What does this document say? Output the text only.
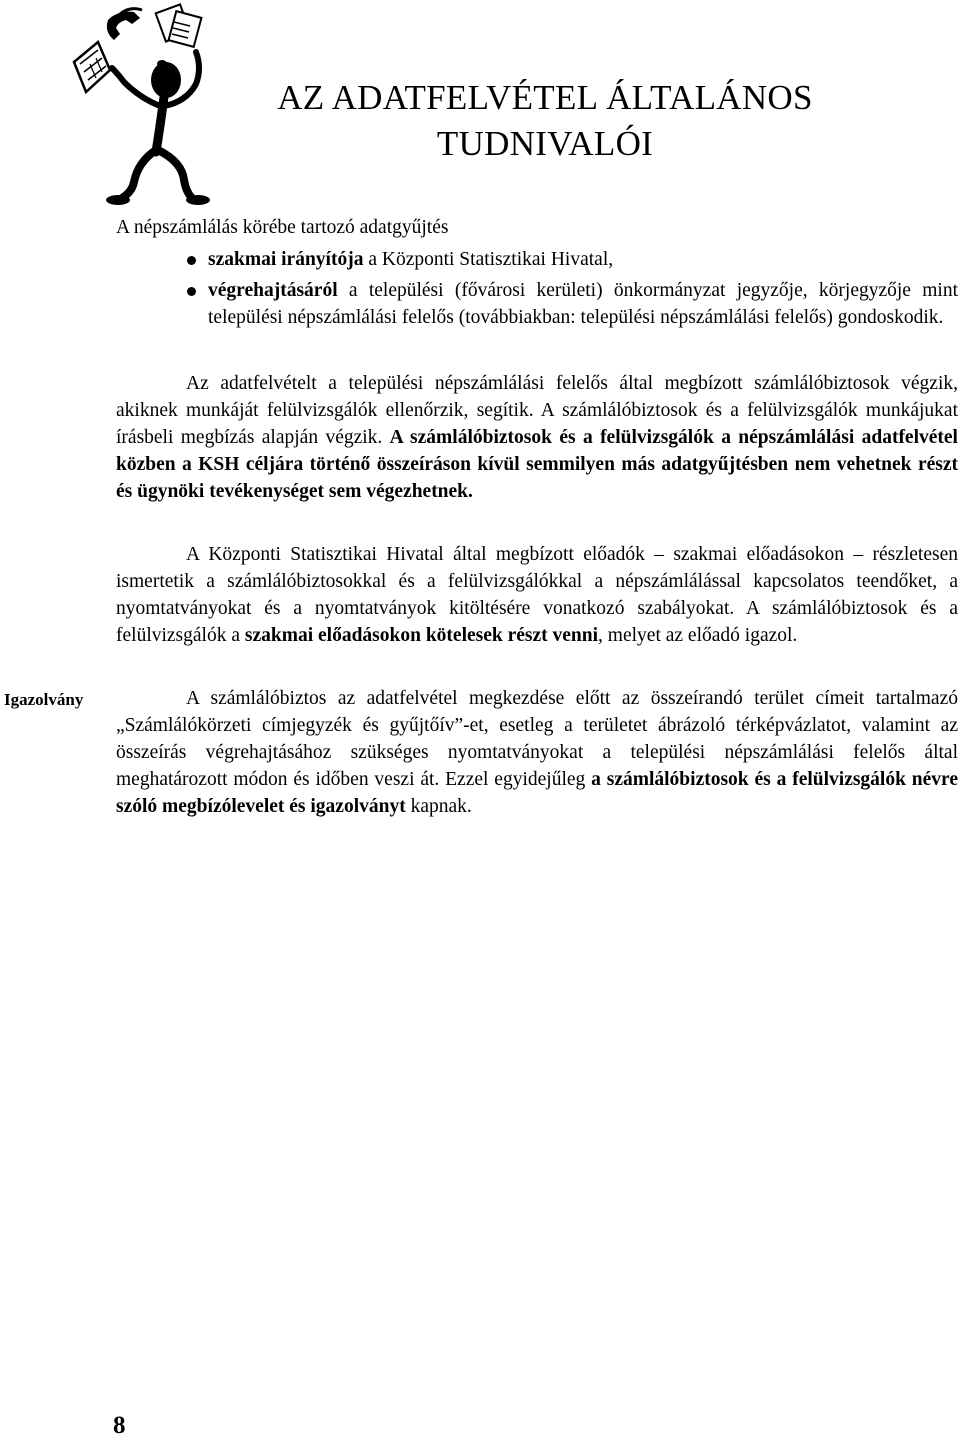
AZ ADATFELVÉTEL ÁLTALÁNOS
TUDNIVALÓI
A népszámlálás körébe tartozó adatgyűjtés
szakmai irányítója a Központi Statisztikai Hivatal,
végrehajtásáról a települési (fővárosi kerületi) önkormányzat jegyzője, körjegyzője mint települési népszámlálási felelős (továbbiakban: települési népszámlálási felelős) gondoskodik.

Az adatfelvételt a települési népszámlálási felelős által megbízott számlálóbiztosok végzik, akiknek munkáját felülvizsgálók ellenőrzik, segítik. A számlálóbiztosok és a felülvizsgálók munkájukat írásbeli megbízás alapján végzik. A számlálóbiztosok és a felülvizsgálók a népszámlálási adatfelvétel közben a KSH céljára történő összeíráson kívül semmilyen más adatgyűjtésben nem vehetnek részt és ügynöki tevékenységet sem végezhetnek.

A Központi Statisztikai Hivatal által megbízott előadók – szakmai előadásokon – részletesen ismertetik a számlálóbiztosokkal és a felülvizsgálókkal a népszámlálással kapcsolatos teendőket, a nyomtatványokat és a nyomtatványok kitöltésére vonatkozó szabályokat. A számlálóbiztosok és a felülvizsgálók a szakmai előadásokon kötelesek részt venni, melyet az előadó igazol.

Igazolvány	A számlálóbiztos az adatfelvétel megkezdése előtt az összeírandó terület címeit tartalmazó „Számlálókörzeti címjegyzék és gyűjtőív”-et, esetleg a területet ábrázoló térképvázlatot, valamint az összeírás végrehajtásához szükséges nyomtatványokat a települési népszámlálási felelős által meghatározott módon és időben veszi át. Ezzel egyidejűleg a számlálóbiztosok és a felülvizsgálók névre szóló megbízólevelet és igazolványt kapnak.

8
